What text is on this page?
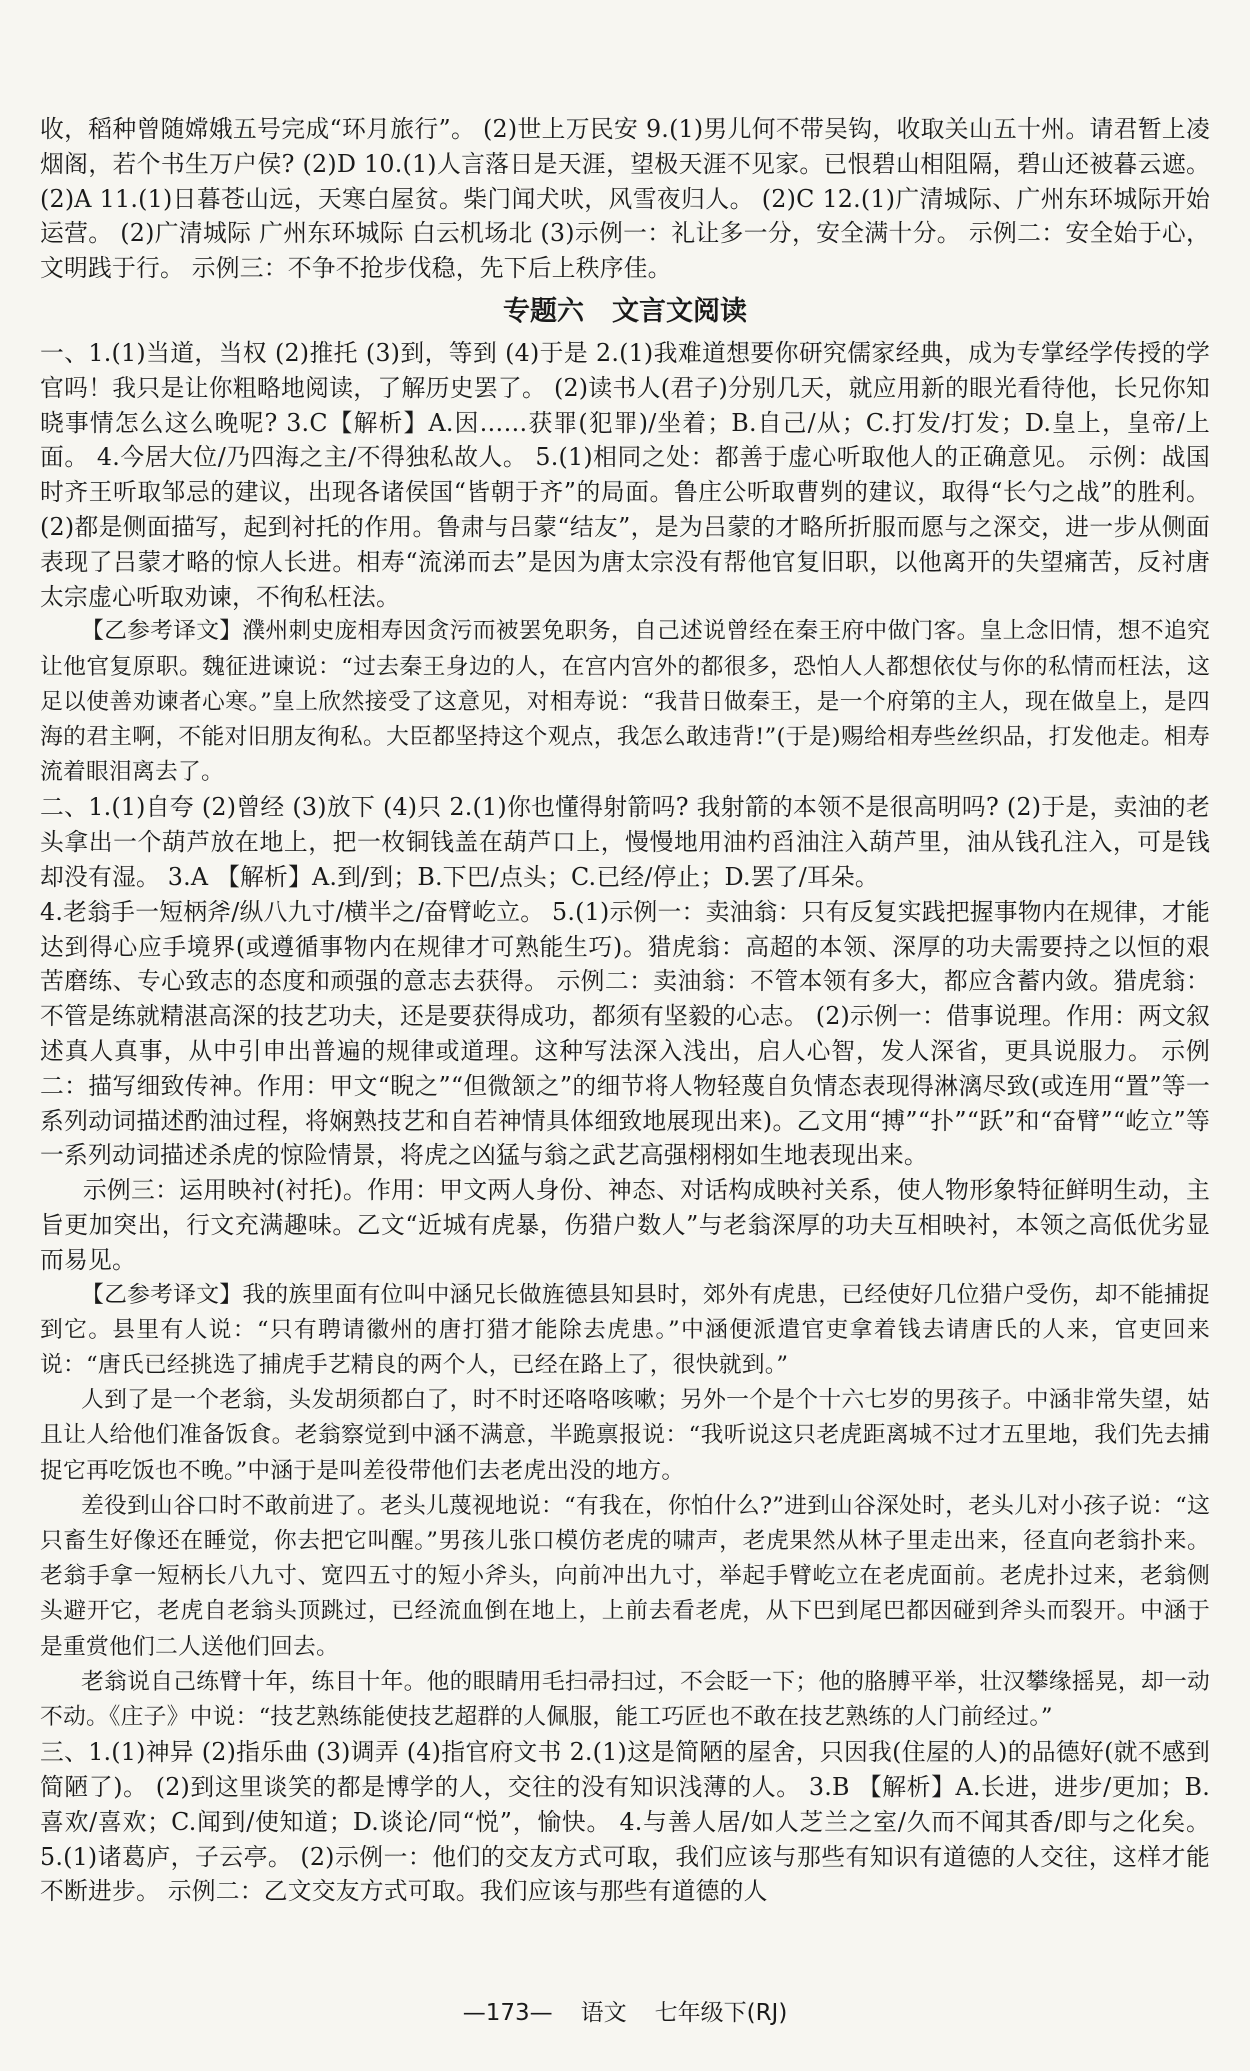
收，稻种曾随嫦娥五号完成“环月旅行”。 (2)世上万民安 9.(1)男儿何不带吴钩，收取关山五十州。请君暂上凌烟阁，若个书生万户侯? (2)D 10.(1)人言落日是天涯，望极天涯不见家。已恨碧山相阻隔，碧山还被暮云遮。 (2)A 11.(1)日暮苍山远，天寒白屋贫。柴门闻犬吠，风雪夜归人。 (2)C 12.(1)广清城际、广州东环城际开始运营。 (2)广清城际 广州东环城际 白云机场北 (3)示例一：礼让多一分，安全满十分。 示例二：安全始于心，文明践于行。 示例三：不争不抢步伐稳，先下后上秩序佳。

专题六 文言文阅读

一、1.(1)当道，当权 (2)推托 (3)到，等到 (4)于是 2.(1)我难道想要你研究儒家经典，成为专掌经学传授的学官吗！我只是让你粗略地阅读，了解历史罢了。 (2)读书人(君子)分别几天，就应用新的眼光看待他，长兄你知晓事情怎么这么晚呢? 3.C【解析】A.因……获罪(犯罪)/坐着；B.自己/从；C.打发/打发；D.皇上，皇帝/上面。 4.今居大位/乃四海之主/不得独私故人。 5.(1)相同之处：都善于虚心听取他人的正确意见。 示例：战国时齐王听取邹忌的建议，出现各诸侯国“皆朝于齐”的局面。鲁庄公听取曹刿的建议，取得“长勺之战”的胜利。 (2)都是侧面描写，起到衬托的作用。鲁肃与吕蒙“结友”，是为吕蒙的才略所折服而愿与之深交，进一步从侧面表现了吕蒙才略的惊人长进。相寿“流涕而去”是因为唐太宗没有帮他官复旧职，以他离开的失望痛苦，反衬唐太宗虚心听取劝谏，不徇私枉法。

【乙参考译文】濮州刺史庞相寿因贪污而被罢免职务，自己述说曾经在秦王府中做门客。皇上念旧情，想不追究让他官复原职。魏征进谏说：“过去秦王身边的人，在宫内宫外的都很多，恐怕人人都想依仗与你的私情而枉法，这足以使善劝谏者心寒。”皇上欣然接受了这意见，对相寿说：“我昔日做秦王，是一个府第的主人，现在做皇上，是四海的君主啊，不能对旧朋友徇私。大臣都坚持这个观点，我怎么敢违背!”(于是)赐给相寿些丝织品，打发他走。相寿流着眼泪离去了。

二、1.(1)自夸 (2)曾经 (3)放下 (4)只 2.(1)你也懂得射箭吗? 我射箭的本领不是很高明吗? (2)于是，卖油的老头拿出一个葫芦放在地上，把一枚铜钱盖在葫芦口上，慢慢地用油杓舀油注入葫芦里，油从钱孔注入，可是钱却没有湿。 3.A 【解析】A.到/到；B.下巴/点头；C.已经/停止；D.罢了/耳朵。

4.老翁手一短柄斧/纵八九寸/横半之/奋臂屹立。 5.(1)示例一：卖油翁：只有反复实践把握事物内在规律，才能达到得心应手境界(或遵循事物内在规律才可熟能生巧)。猎虎翁：高超的本领、深厚的功夫需要持之以恒的艰苦磨练、专心致志的态度和顽强的意志去获得。 示例二：卖油翁：不管本领有多大，都应含蓄内敛。猎虎翁：不管是练就精湛高深的技艺功夫，还是要获得成功，都须有坚毅的心志。 (2)示例一：借事说理。作用：两文叙述真人真事，从中引申出普遍的规律或道理。这种写法深入浅出，启人心智，发人深省，更具说服力。 示例二：描写细致传神。作用：甲文“睨之”“但微颔之”的细节将人物轻蔑自负情态表现得淋漓尽致(或连用“置”等一系列动词描述酌油过程，将娴熟技艺和自若神情具体细致地展现出来)。乙文用“搏”“扑”“跃”和“奋臂”“屹立”等一系列动词描述杀虎的惊险情景，将虎之凶猛与翁之武艺高强栩栩如生地表现出来。

示例三：运用映衬(衬托)。作用：甲文两人身份、神态、对话构成映衬关系，使人物形象特征鲜明生动，主旨更加突出，行文充满趣味。乙文“近城有虎暴，伤猎户数人”与老翁深厚的功夫互相映衬，本领之高低优劣显而易见。

【乙参考译文】我的族里面有位叫中涵兄长做旌德县知县时，郊外有虎患，已经使好几位猎户受伤，却不能捕捉到它。县里有人说：“只有聘请徽州的唐打猎才能除去虎患。”中涵便派遣官吏拿着钱去请唐氏的人来，官吏回来说：“唐氏已经挑选了捕虎手艺精良的两个人，已经在路上了，很快就到。”

人到了是一个老翁，头发胡须都白了，时不时还咯咯咳嗽；另外一个是个十六七岁的男孩子。中涵非常失望，姑且让人给他们准备饭食。老翁察觉到中涵不满意，半跪禀报说：“我听说这只老虎距离城不过才五里地，我们先去捕捉它再吃饭也不晚。”中涵于是叫差役带他们去老虎出没的地方。

差役到山谷口时不敢前进了。老头儿蔑视地说：“有我在，你怕什么?”进到山谷深处时，老头儿对小孩子说：“这只畜生好像还在睡觉，你去把它叫醒。”男孩儿张口模仿老虎的啸声，老虎果然从林子里走出来，径直向老翁扑来。老翁手拿一短柄长八九寸、宽四五寸的短小斧头，向前冲出九寸，举起手臂屹立在老虎面前。老虎扑过来，老翁侧头避开它，老虎自老翁头顶跳过，已经流血倒在地上，上前去看老虎，从下巴到尾巴都因碰到斧头而裂开。中涵于是重赏他们二人送他们回去。

老翁说自己练臂十年，练目十年。他的眼睛用毛扫帚扫过，不会眨一下；他的胳膊平举，壮汉攀缘摇晃，却一动不动。《庄子》中说：“技艺熟练能使技艺超群的人佩服，能工巧匠也不敢在技艺熟练的人门前经过。”

三、1.(1)神异 (2)指乐曲 (3)调弄 (4)指官府文书 2.(1)这是简陋的屋舍，只因我(住屋的人)的品德好(就不感到简陋了)。 (2)到这里谈笑的都是博学的人，交往的没有知识浅薄的人。 3.B 【解析】A.长进，进步/更加；B.喜欢/喜欢；C.闻到/使知道；D.谈论/同“悦”，愉快。 4.与善人居/如人芝兰之室/久而不闻其香/即与之化矣。 5.(1)诸葛庐，子云亭。 (2)示例一：他们的交友方式可取，我们应该与那些有知识有道德的人交往，这样才能不断进步。 示例二：乙文交友方式可取。我们应该与那些有道德的人

—173— 语文 七年级下(RJ)
